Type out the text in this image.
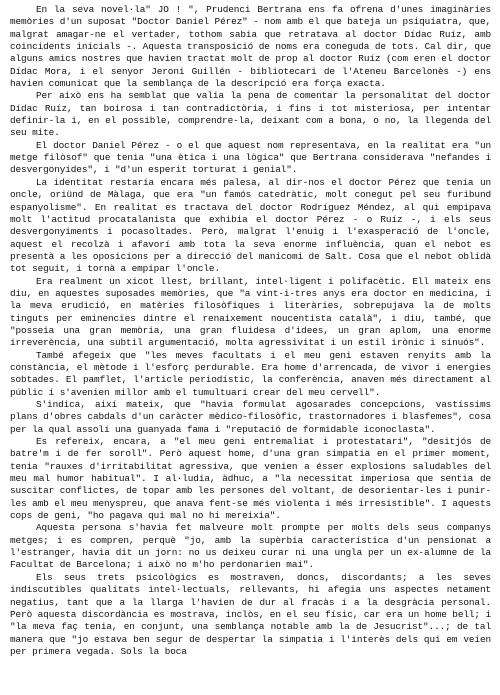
En la seva novel·la" JO ! ", Prudenci Bertrana ens fa ofrena d'unes imaginàries memòries d'un suposat "Doctor Daniel Pérez" - nom amb el que bateja un psiquiatra, que, malgrat amagar-ne el vertader, tothom sabia que retratava al doctor Dídac Ruíz, amb coincidents inicials -. Aquesta transposició de noms era coneguda de tots. Cal dir, que alguns amics nostres que havien tractat molt de prop al doctor Ruíz (com eren el doctor Dídac Mora, i el senyor Jeroni Guillén - bibliotecari de l'Ateneu Barcelonès -) ens havien comunicat que la semblança de la descripció era força exacta.

Per això ens ha semblat que valia la pena de comentar la personalitat del doctor Dídac Ruíz, tan boirosa i tan contradictòria, i fins i tot misteriosa, per intentar definir-la i, en el possible, comprendre-la, deixant com a bona, o no, la llegenda del seu mite.

El doctor Daniel Pérez - o el que aquest nom representava, en la realitat era "un metge filòsof" que tenia "una ètica i una lògica" que Bertrana considerava "nefandes i desvergonyides", i "d'un esperit torturat i genial".

La identitat restaria encara més palesa, al dir-nos el doctor Pérez que tenia un oncle, oriünd de Màlaga, que era "un famós catedràtic, molt conegut pel seu furibund espanyolisme". En realitat es tractava del doctor Rodríguez Méndez, al qui empipava molt l'actitud procatalanista que exhibia el doctor Pérez - o Ruíz -, i els seus desvergonyiments i pocasoltades. Però, malgrat l'enuig i l'exasperació de l'oncle, aquest el recolzà i afavorí amb tota la seva enorme influència, quan el nebot es presentà a les oposicions per a direcció del manicomi de Salt. Cosa que el nebot oblidà tot seguit, i tornà a empipar l'oncle.

Era realment un xicot llest, brillant, intel·ligent i polifacètic. Ell mateix ens diu, en aquestes suposades memòries, que "a vint-i-tres anys era doctor en medicina, i la meva erudició, en matèries filosòfiques i literàries, sobrepujava la de molts tinguts per eminencies dintre el renaixement noucentista català", i diu, també, que "posseia una gran memòria, una gran fluidesa d'idees, un gran aplom, una enorme irreverència, una subtil argumentació, molta agressivitat i un estil irònic i sinuós".

També afegeix que "les meves facultats i el meu geni estaven renyits amb la constància, el mètode i l'esforç perdurable. Era home d'arrencada, de vivor i energies sobtades. El pamflet, l'article periodístic, la conferència, anaven més directament al públic i s'avenien millor amb el tumultuari crear del meu cervell".

S'indica, així mateix, que "havia formulat agosarades concepcions, vastíssims plans d'obres cabdals d'un caràcter mèdico-filosòfic, trastornadores i blasfemes", cosa per la qual assolí una guanyada fama i "reputació de formidable iconoclasta".

Es refereix, encara, a "el meu geni entremaliat i protestatari", "desitjós de batre'm i de fer soroll". Però aquest home, d'una gran simpatia en el primer moment, tenia "rauxes d'irritabilitat agressiva, que venien a ésser explosions saludables del meu mal humor habitual". I al·ludia, àdhuc, a "la necessitat imperiosa que sentia de suscitar conflictes, de topar amb les persones del voltant, de desorientar-les i punir-les amb el meu menyspreu, que anava fent-se més violenta i més irresistible". I aquests cops de geni, "ho pagava qui mal no hi mereixia".

Aquesta persona s'havia fet malveure molt prompte per molts dels seus companys metges; i es compren, perquè "jo, amb la supèrbia característica d'un pensionat a l'estranger, havia dit un jorn: no us deixeu curar ni una ungla per un ex-alumne de la Facultat de Barcelona; i això no m'ho perdonarien mai".

Els seus trets psicològics es mostraven, doncs, discordants; a les seves indiscutibles qualitats intel·lectuals, rellevants, hi afegia uns aspectes netament negatius, tant que a la llarga l'havien de dur al fracàs i a la desgràcia personal. Però aquesta discordància es mostrava, inclòs, en el seu físic, car era un home bell; i "la meva faç tenia, en conjunt, una semblança notable amb la de Jesucrist"...; de tal manera que "jo estava ben segur de despertar la simpatia i l'interès dels qui em veien per primera vegada. Sols la boca
